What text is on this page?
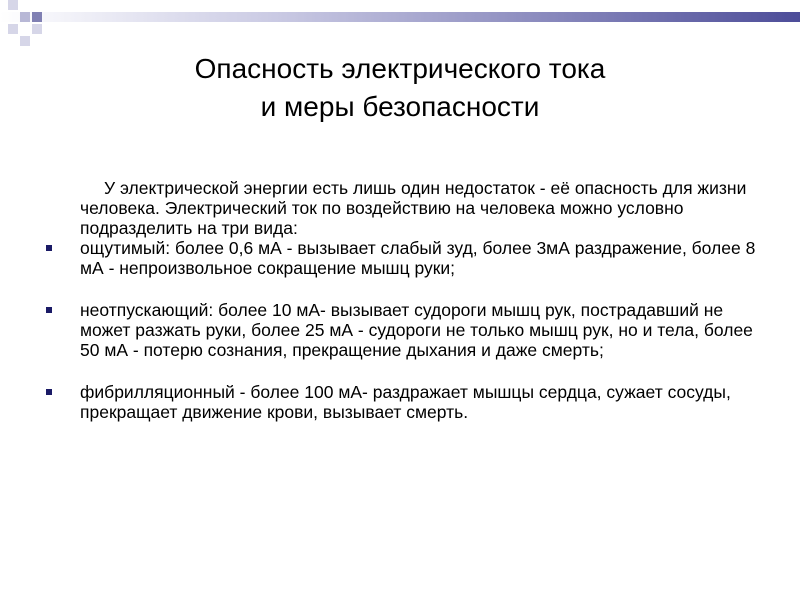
Опасность электрического тока
и меры безопасности

У электрической энергии есть лишь один недостаток - её опасность для жизни человека. Электрический ток по воздействию на человека можно условно подразделить на три вида:

ощутимый: более 0,6 мА - вызывает слабый зуд, более 3мА раздражение, более 8 мА - непроизвольное сокращение мышц руки;
неотпускающий: более 10 мА- вызывает судороги мышц рук, пострадавший не может разжать руки, более 25 мА - судороги не только мышц рук, но и тела, более 50 мА - потерю сознания, прекращение дыхания и даже смерть;
фибрилляционный - более 100 мА- раздражает мышцы сердца, сужает сосуды, прекращает движение крови, вызывает смерть.
